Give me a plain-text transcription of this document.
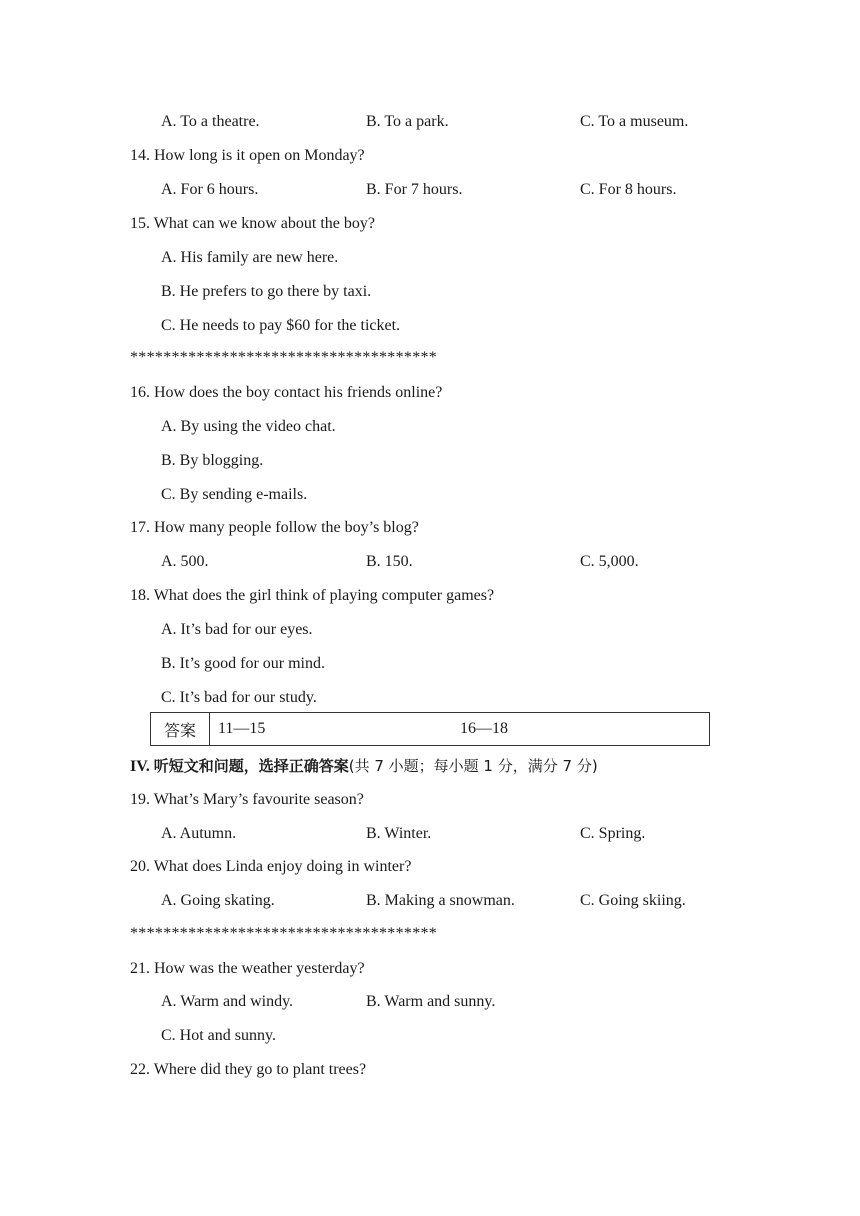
A. To a theatre.	B. To a park.	C. To a museum.
14. How long is it open on Monday?
A. For 6 hours.	B. For 7 hours.	C. For 8 hours.
15. What can we know about the boy?
A. His family are new here.
B. He prefers to go there by taxi.
C. He needs to pay $60 for the ticket.
*************************************
16. How does the boy contact his friends online?
A. By using the video chat.
B. By blogging.
C. By sending e-mails.
17. How many people follow the boy’s blog?
A. 500.	B. 150.	C. 5,000.
18. What does the girl think of playing computer games?
A. It’s bad for our eyes.
B. It’s good for our mind.
C. It’s bad for our study.
答案	11—15	16—18
IV. 听短文和问题，选择正确答案(共 7 小题；每小题 1 分，满分 7 分)
19. What’s Mary’s favourite season?
A. Autumn.	B. Winter.	C. Spring.
20. What does Linda enjoy doing in winter?
A. Going skating.	B. Making a snowman.	C. Going skiing.
*************************************
21. How was the weather yesterday?
A. Warm and windy.	B. Warm and sunny.
C. Hot and sunny.
22. Where did they go to plant trees?
